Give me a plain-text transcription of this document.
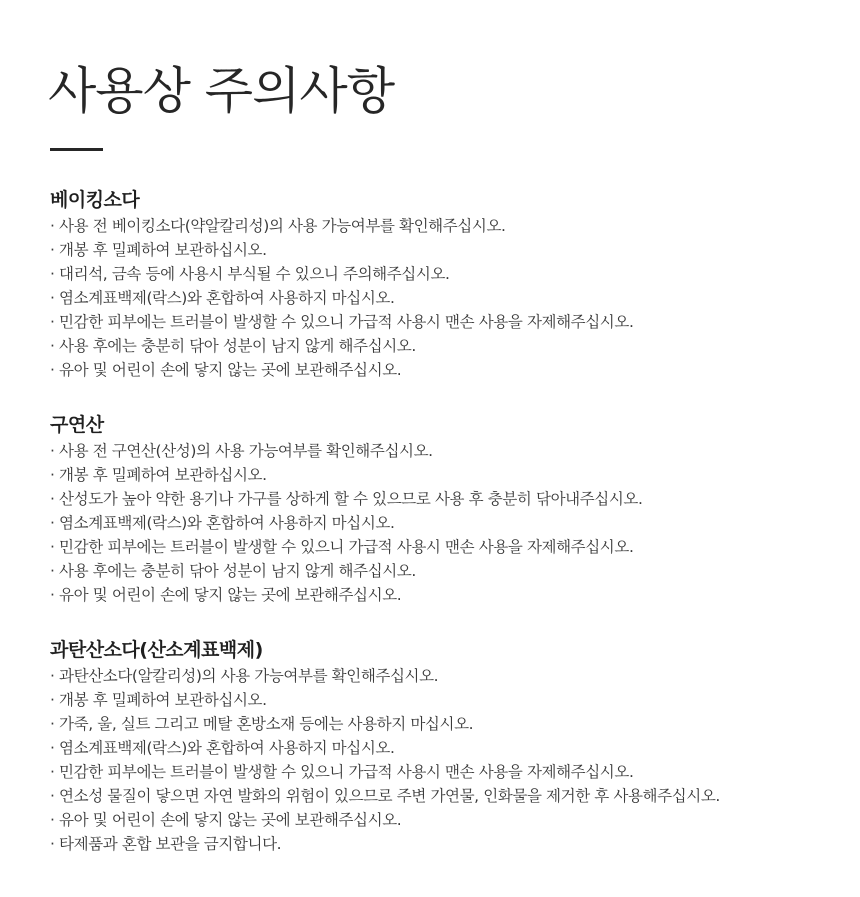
사용상 주의사항
베이킹소다
· 사용 전 베이킹소다(약알칼리성)의 사용 가능여부를 확인해주십시오.
· 개봉 후 밀폐하여 보관하십시오.
· 대리석, 금속 등에 사용시 부식될 수 있으니 주의해주십시오.
· 염소계표백제(락스)와 혼합하여 사용하지 마십시오.
· 민감한 피부에는 트러블이 발생할 수 있으니 가급적 사용시 맨손 사용을 자제해주십시오.
· 사용 후에는 충분히 닦아 성분이 남지 않게 해주십시오.
· 유아 및 어린이 손에 닿지 않는 곳에 보관해주십시오.
구연산
· 사용 전 구연산(산성)의 사용 가능여부를 확인해주십시오.
· 개봉 후 밀폐하여 보관하십시오.
· 산성도가 높아 약한 용기나 가구를 상하게 할 수 있으므로 사용 후 충분히 닦아내주십시오.
· 염소계표백제(락스)와 혼합하여 사용하지 마십시오.
· 민감한 피부에는 트러블이 발생할 수 있으니 가급적 사용시 맨손 사용을 자제해주십시오.
· 사용 후에는 충분히 닦아 성분이 남지 않게 해주십시오.
· 유아 및 어린이 손에 닿지 않는 곳에 보관해주십시오.
과탄산소다(산소계표백제)
· 과탄산소다(알칼리성)의 사용 가능여부를 확인해주십시오.
· 개봉 후 밀폐하여 보관하십시오.
· 가죽, 울, 실트 그리고 메탈 혼방소재 등에는 사용하지 마십시오.
· 염소계표백제(락스)와 혼합하여 사용하지 마십시오.
· 민감한 피부에는 트러블이 발생할 수 있으니 가급적 사용시 맨손 사용을 자제해주십시오.
· 연소성 물질이 닿으면 자연 발화의 위험이 있으므로 주변 가연물, 인화물을 제거한 후 사용해주십시오.
· 유아 및 어린이 손에 닿지 않는 곳에 보관해주십시오.
· 타제품과 혼합 보관을 금지합니다.
